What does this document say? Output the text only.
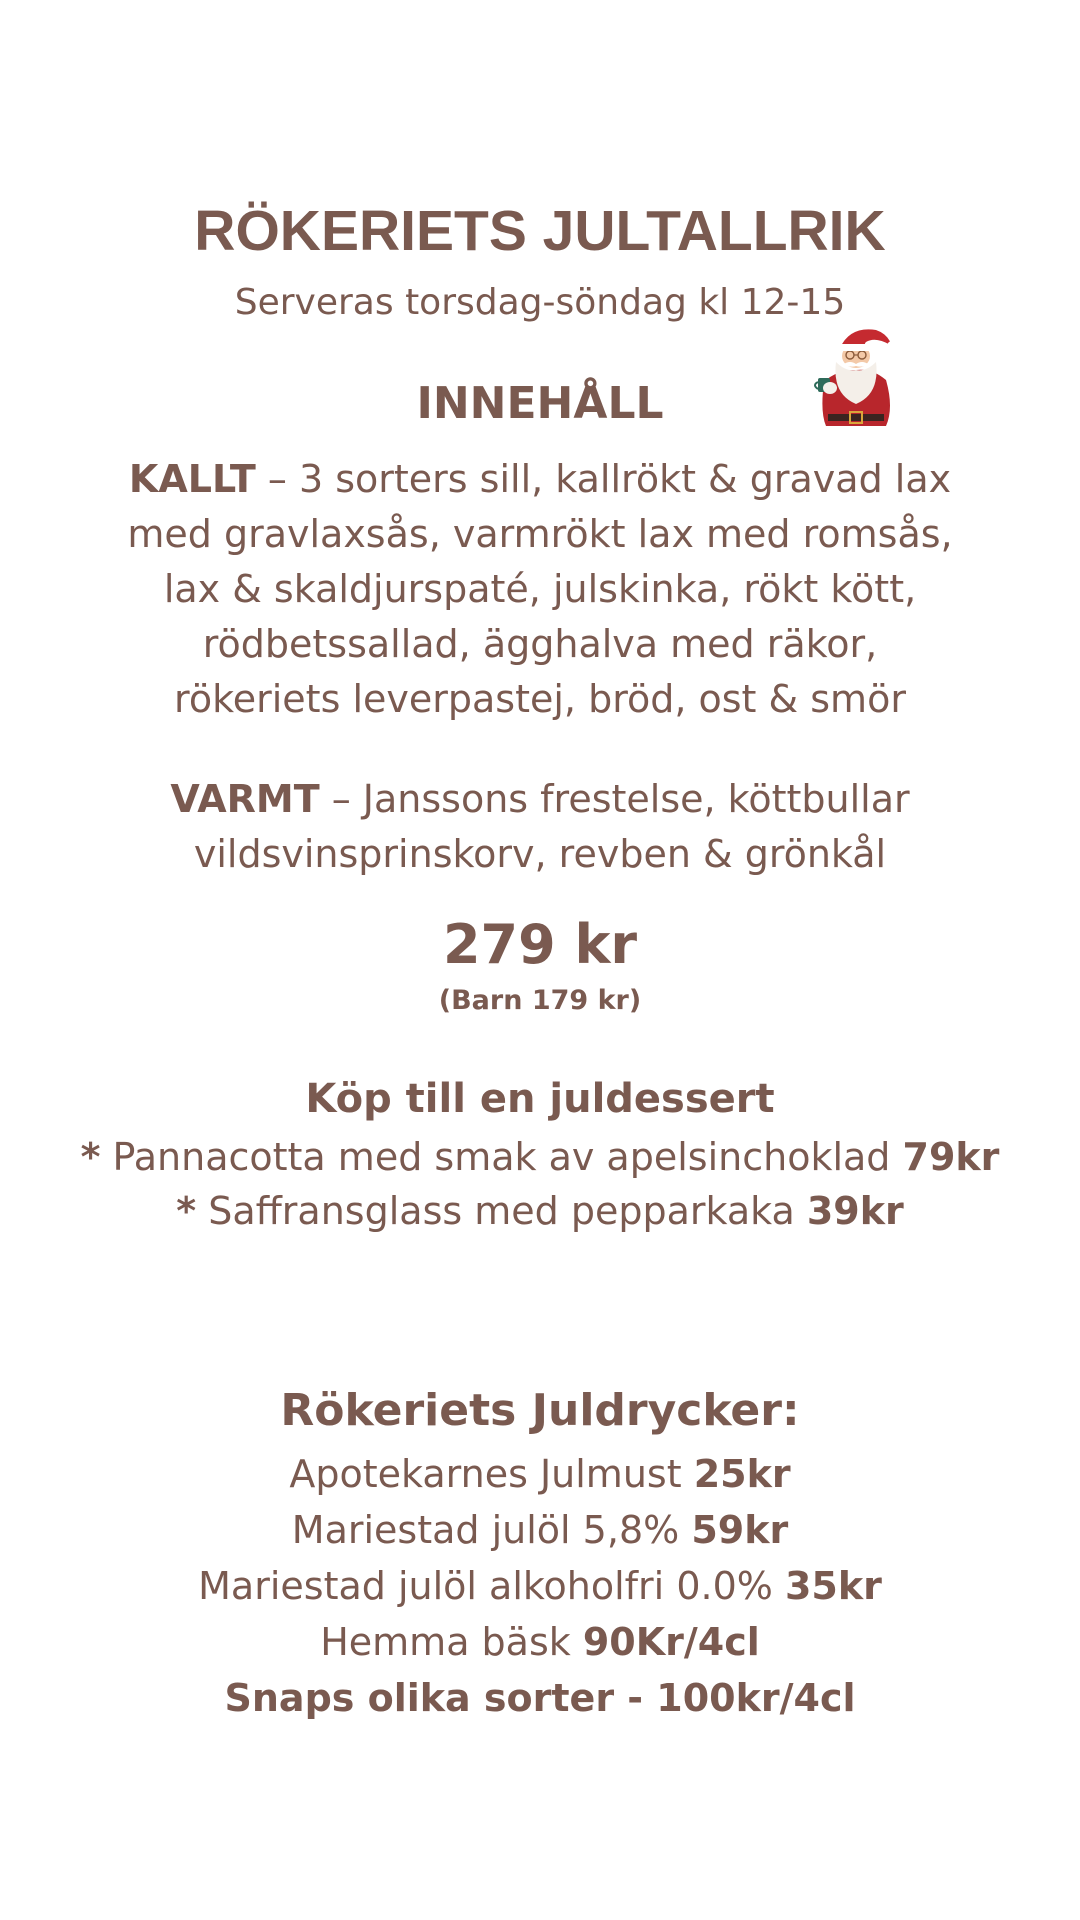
RÖKERIETS JULTALLRIK
Serveras torsdag-söndag kl 12-15
INNEHÅLL
KALLT – 3 sorters sill, kallrökt & gravad lax
med gravlaxsås, varmrökt lax med romsås,
lax & skaldjurspaté, julskinka, rökt kött,
rödbetssallad, ägghalva med räkor,
rökeriets leverpastej, bröd, ost & smör
VARMT – Janssons frestelse, köttbullar
vildsvinsprinskorv, revben & grönkål
279 kr
(Barn 179 kr)
Köp till en juldessert
* Pannacotta med smak av apelsinchoklad 79kr
* Saffransglass med pepparkaka 39kr
Rökeriets Juldrycker:
Apotekarnes Julmust 25kr
Mariestad julöl 5,8% 59kr
Mariestad julöl alkoholfri 0.0% 35kr
Hemma bäsk 90Kr/4cl
Snaps olika sorter - 100kr/4cl
